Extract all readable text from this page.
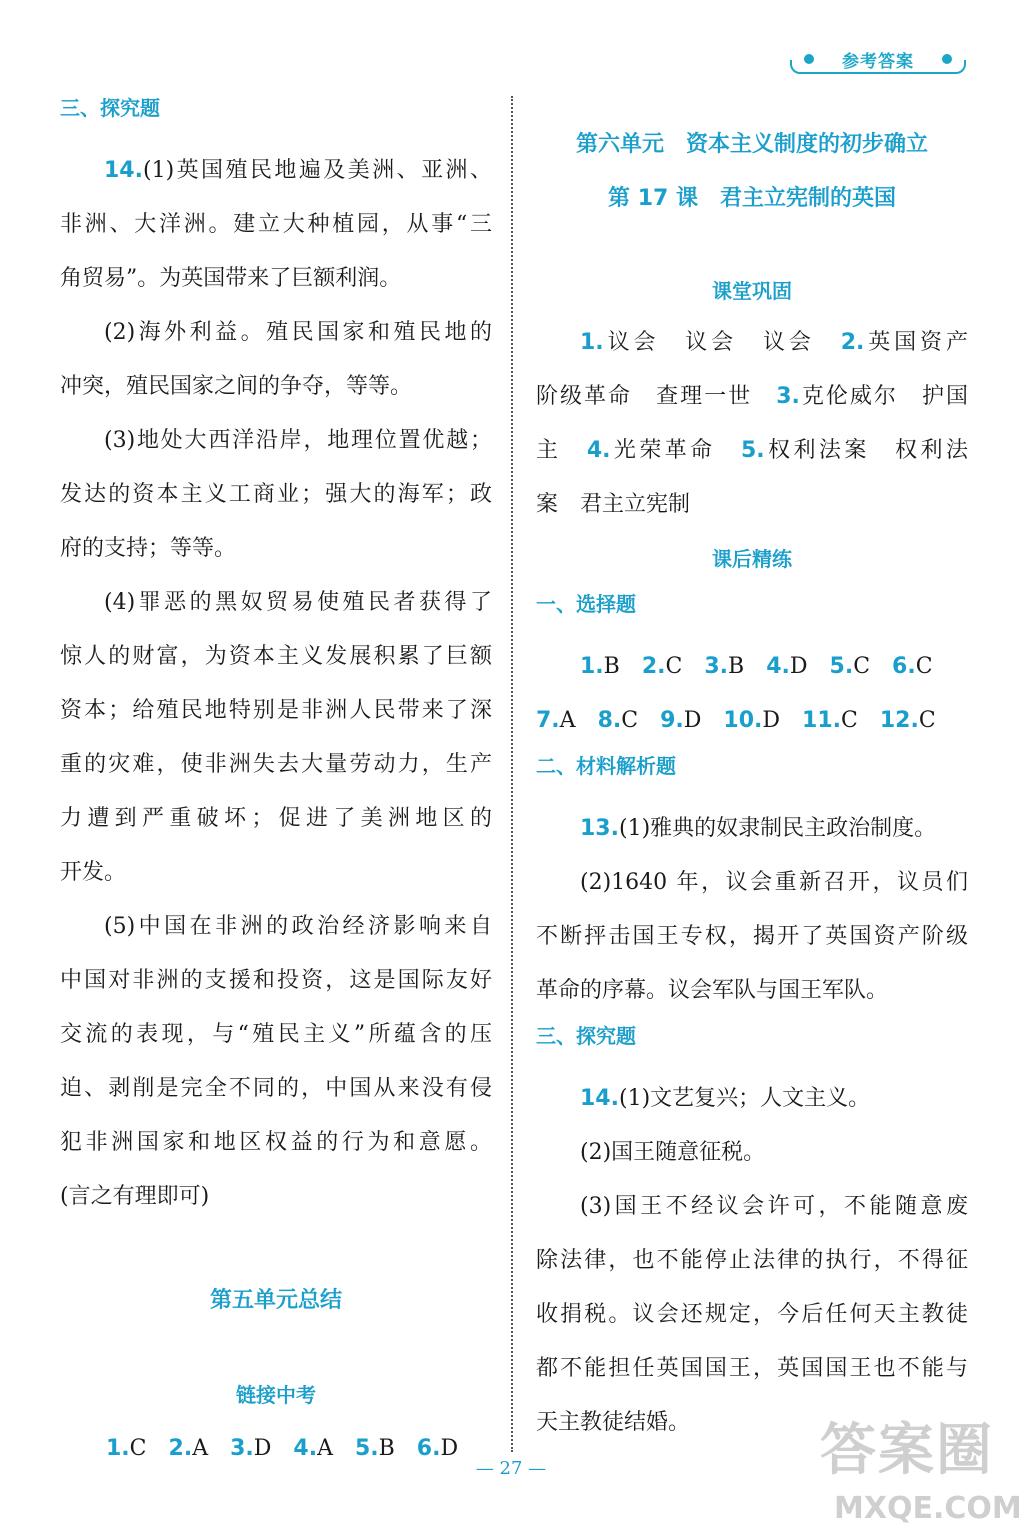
参考答案

三、探究题

14.(1)英国殖民地遍及美洲、亚洲、

非洲、大洋洲。建立大种植园，从事“三

角贸易”。为英国带来了巨额利润。

(2)海外利益。殖民国家和殖民地的

冲突，殖民国家之间的争夺，等等。

(3)地处大西洋沿岸，地理位置优越；

发达的资本主义工商业；强大的海军；政

府的支持；等等。

(4)罪恶的黑奴贸易使殖民者获得了

惊人的财富，为资本主义发展积累了巨额

资本；给殖民地特别是非洲人民带来了深

重的灾难，使非洲失去大量劳动力，生产

力遭到严重破坏；促进了美洲地区的

开发。

(5)中国在非洲的政治经济影响来自

中国对非洲的支援和投资，这是国际友好

交流的表现，与“殖民主义”所蕴含的压

迫、剥削是完全不同的，中国从来没有侵

犯非洲国家和地区权益的行为和意愿。

(言之有理即可)

第五单元总结

链接中考

1.C 2.A 3.D 4.A 5.B 6.D

第六单元　资本主义制度的初步确立

第 17 课　君主立宪制的英国

课堂巩固

1.议会　议会　议会　 2.英国资产

阶级革命　查理一世　 3.克伦威尔　护国

主　 4.光荣革命　 5.权利法案　权利法

案　君主立宪制

课后精练

一、选择题

1.B 2.C 3.B 4.D 5.C 6.C
7.A 8.C 9.D 10.D 11.C 12.C

二、材料解析题

13.(1)雅典的奴隶制民主政治制度。

(2)1640 年，议会重新召开，议员们

不断抨击国王专权，揭开了英国资产阶级

革命的序幕。议会军队与国王军队。

三、探究题

14.(1)文艺复兴；人文主义。

(2)国王随意征税。

(3)国王不经议会许可，不能随意废

除法律，也不能停止法律的执行，不得征

收捐税。议会还规定，今后任何天主教徒

都不能担任英国国王，英国国王也不能与

天主教徒结婚。

— 27 —	答案圈
MXQE.COM
